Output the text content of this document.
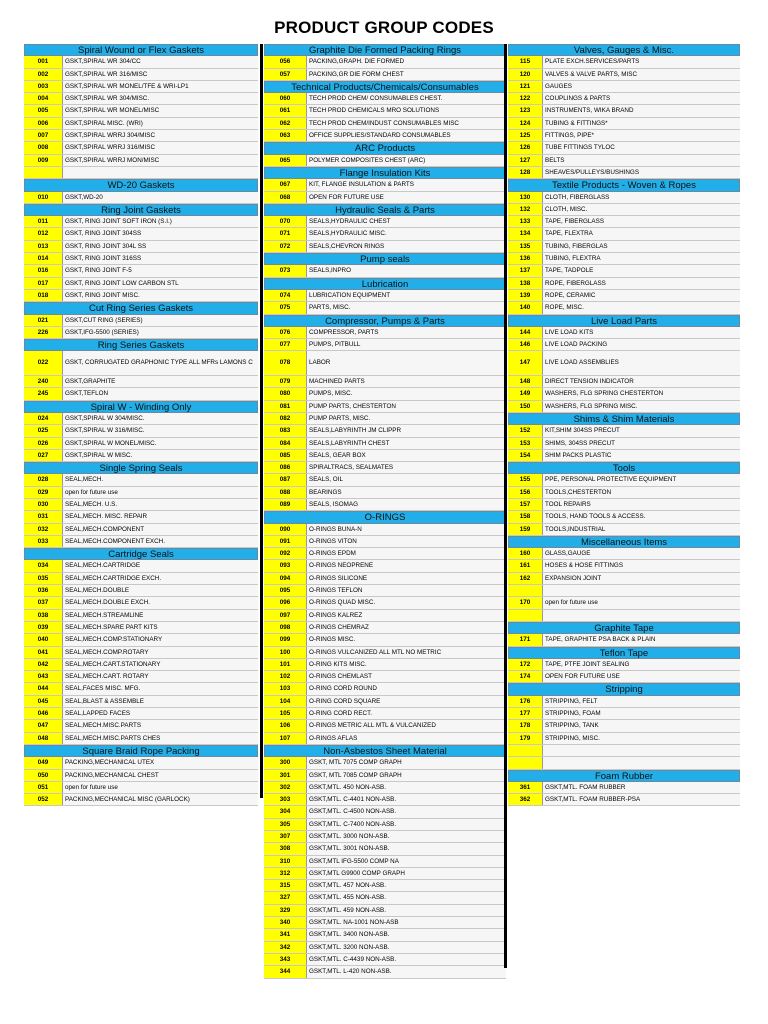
PRODUCT GROUP CODES
Spiral Wound or Flex Gaskets
001	GSKT,SPIRAL WR 304/CC
002	GSKT,SPIRAL WR 316/MISC
003	GSKT,SPIRAL WR MONEL/TFE & WRI-LP1
004	GSKT,SPIRAL WR 304/MISC.
005	GSKT,SPIRAL WR MONEL/MISC
006	GSKT,SPIRAL MISC. (WRI)
007	GSKT,SPIRAL WRRJ 304/MISC
008	GSKT,SPIRAL WRRJ 316/MISC
009	GSKT,SPIRAL WRRJ MON/MISC
WD-20 Gaskets
010	GSKT,WD-20
Ring Joint Gaskets
011	GSKT, RING JOINT SOFT IRON (S.I.)
012	GSKT, RING JOINT 304SS
013	GSKT, RING JOINT 304L SS
014	GSKT, RING JOINT 316SS
016	GSKT, RING JOINT F-5
017	GSKT, RING JOINT LOW CARBON STL
018	GSKT, RING JOINT MISC.
Cut Ring Series Gaskets
021	GSKT,CUT RING (SERIES)
226	GSKT,IFG-5500 (SERIES)
Ring Series Gaskets
022	GSKT, CORRUGATED GRAPHONIC TYPE ALL MFRs LAMONS C
240	GSKT,GRAPHITE
245	GSKT,TEFLON
Spiral W - Winding Only
024	GSKT,SPIRAL W 304/MISC.
025	GSKT,SPIRAL W 316/MISC.
026	GSKT,SPIRAL W MONEL/MISC.
027	GSKT,SPIRAL W MISC.
Single Spring Seals
028	SEAL,MECH.
029	open for future use
030	SEAL,MECH. U.S.
031	SEAL,MECH. MISC. REPAIR
032	SEAL,MECH.COMPONENT
033	SEAL,MECH.COMPONENT EXCH.
Cartridge Seals
034	SEAL,MECH.CARTRIDGE
035	SEAL,MECH.CARTRIDGE EXCH.
036	SEAL,MECH.DOUBLE
037	SEAL,MECH.DOUBLE EXCH.
038	SEAL,MECH.STREAMLINE
039	SEAL,MECH.SPARE PART KITS
040	SEAL,MECH.COMP.STATIONARY
041	SEAL,MECH.COMP.ROTARY
042	SEAL,MECH.CART.STATIONARY
043	SEAL,MECH.CART. ROTARY
044	SEAL,FACES MISC. MFG.
045	SEAL,BLAST & ASSEMBLE
046	SEAL,LAPPED FACES
047	SEAL,MECH.MISC.PARTS
048	SEAL,MECH.MISC.PARTS CHES
Square Braid Rope Packing
049	PACKING,MECHANICAL UTEX
050	PACKING,MECHANICAL CHEST
051	open for future use
052	PACKING,MECHANICAL MISC (GARLOCK)
Graphite Die Formed Packing Rings
056	PACKING,GRAPH. DIE FORMED
057	PACKING,GR DIE FORM CHEST
Technical Products/Chemicals/Consumables
060	TECH PROD CHEM/ CONSUMABLES CHEST.
061	TECH PROD CHEMICALS MRO SOLUTIONS
062	TECH PROD CHEM/INDUST CONSUMABLES MISC
063	OFFICE SUPPLIES/STANDARD CONSUMABLES
ARC Products
065	POLYMER COMPOSITES CHEST (ARC)
Flange Insulation Kits
067	KIT, FLANGE INSULATION & PARTS
068	OPEN FOR FUTURE USE
Hydraulic Seals & Parts
070	SEALS,HYDRAULIC CHEST
071	SEALS,HYDRAULIC MISC.
072	SEALS,CHEVRON RINGS
Pump seals
073	SEALS,INPRO
Lubrication
074	LUBRICATION EQUIPMENT
075	PARTS, MISC.
Compressor, Pumps & Parts
076	COMPRESSOR, PARTS
077	PUMPS, PITBULL
078	LABOR
079	MACHINED PARTS
080	PUMPS, MISC.
081	PUMP PARTS, CHESTERTON
082	PUMP PARTS, MISC.
083	SEALS,LABYRINTH JM CLIPPR
084	SEALS,LABYRINTH CHEST
085	SEALS, GEAR BOX
086	SPIRALTRACS, SEALMATES
087	SEALS, OIL
088	BEARINGS
089	SEALS, ISOMAG
O-RINGS
090	O-RINGS BUNA-N
091	O-RINGS VITON
092	O-RINGS EPDM
093	O-RINGS NEOPRENE
094	O-RINGS SILICONE
095	O-RINGS TEFLON
096	O-RINGS QUAD MISC.
097	O-RINGS KALREZ
098	O-RINGS CHEMRAZ
099	O-RINGS MISC.
100	O-RINGS VULCANIZED ALL MTL NO METRIC
101	O-RING KITS MISC.
102	O-RINGS CHEMLAST
103	O-RING CORD ROUND
104	O-RING CORD SQUARE
105	O-RING CORD RECT.
106	O-RINGS METRIC ALL MTL & VULCANIZED
107	O-RINGS AFLAS
Non-Asbestos Sheet Material
300	GSKT, MTL 7075 COMP GRAPH
301	GSKT, MTL 7085 COMP GRAPH
302	GSKT,MTL. 450 NON-ASB.
303	GSKT,MTL. C-4401 NON-ASB.
304	GSKT,MTL. C-4500 NON-ASB.
305	GSKT,MTL. C-7400 NON-ASB.
307	GSKT,MTL. 3000 NON-ASB.
308	GSKT,MTL. 3001 NON-ASB.
310	GSKT,MTL IFG-5500 COMP NA
312	GSKT,MTL G9900 COMP GRAPH
315	GSKT,MTL. 457 NON-ASB.
327	GSKT,MTL. 455 NON-ASB.
329	GSKT,MTL. 459 NON-ASB.
340	GSKT,MTL. NA-1001 NON-ASB
341	GSKT,MTL. 3400 NON-ASB.
342	GSKT,MTL. 3200 NON-ASB.
343	GSKT,MTL. C-4439 NON-ASB.
344	GSKT,MTL. L-420 NON-ASB.
Valves, Gauges & Misc.
115	PLATE EXCH.SERVICES/PARTS
120	VALVES & VALVE PARTS, MISC
121	GAUGES
122	COUPLINGS & PARTS
123	INSTRUMENTS, WIKA BRAND
124	TUBING & FITTINGS*
125	FITTINGS, PIPE*
126	TUBE FITTINGS TYLOC
127	BELTS
128	SHEAVES/PULLEYS/BUSHINGS
Textile Products - Woven & Ropes
130	CLOTH, FIBERGLASS
132	CLOTH, MISC.
133	TAPE, FIBERGLASS
134	TAPE, FLEXTRA
135	TUBING, FIBERGLAS
136	TUBING, FLEXTRA
137	TAPE, TADPOLE
138	ROPE, FIBERGLASS
139	ROPE, CERAMIC
140	ROPE, MISC.
Live Load Parts
144	LIVE LOAD KITS
146	LIVE LOAD PACKING
147	LIVE LOAD ASSEMBLIES
148	DIRECT TENSION INDICATOR
149	WASHERS, FLG SPRING CHESTERTON
150	WASHERS, FLG SPRING MISC.
Shims & Shim Materials
152	KIT,SHIM 304SS PRECUT
153	SHIMS, 304SS PRECUT
154	SHIM PACKS PLASTIC
Tools
155	PPE, PERSONAL PROTECTIVE EQUIPMENT
156	TOOLS,CHESTERTON
157	TOOL REPAIRS
158	TOOLS, HAND TOOLS & ACCESS.
159	TOOLS,INDUSTRIAL
Miscellaneous Items
160	GLASS,GAUGE
161	HOSES & HOSE FITTINGS
162	EXPANSION JOINT
170	open for future use
Graphite Tape
171	TAPE, GRAPHITE PSA BACK & PLAIN
Teflon Tape
172	TAPE, PTFE JOINT SEALING
174	OPEN FOR FUTURE USE
Stripping
176	STRIPPING, FELT
177	STRIPPING, FOAM
178	STRIPPING, TANK
179	STRIPPING, MISC.
Foam Rubber
361	GSKT,MTL. FOAM RUBBER
362	GSKT,MTL. FOAM RUBBER-PSA
